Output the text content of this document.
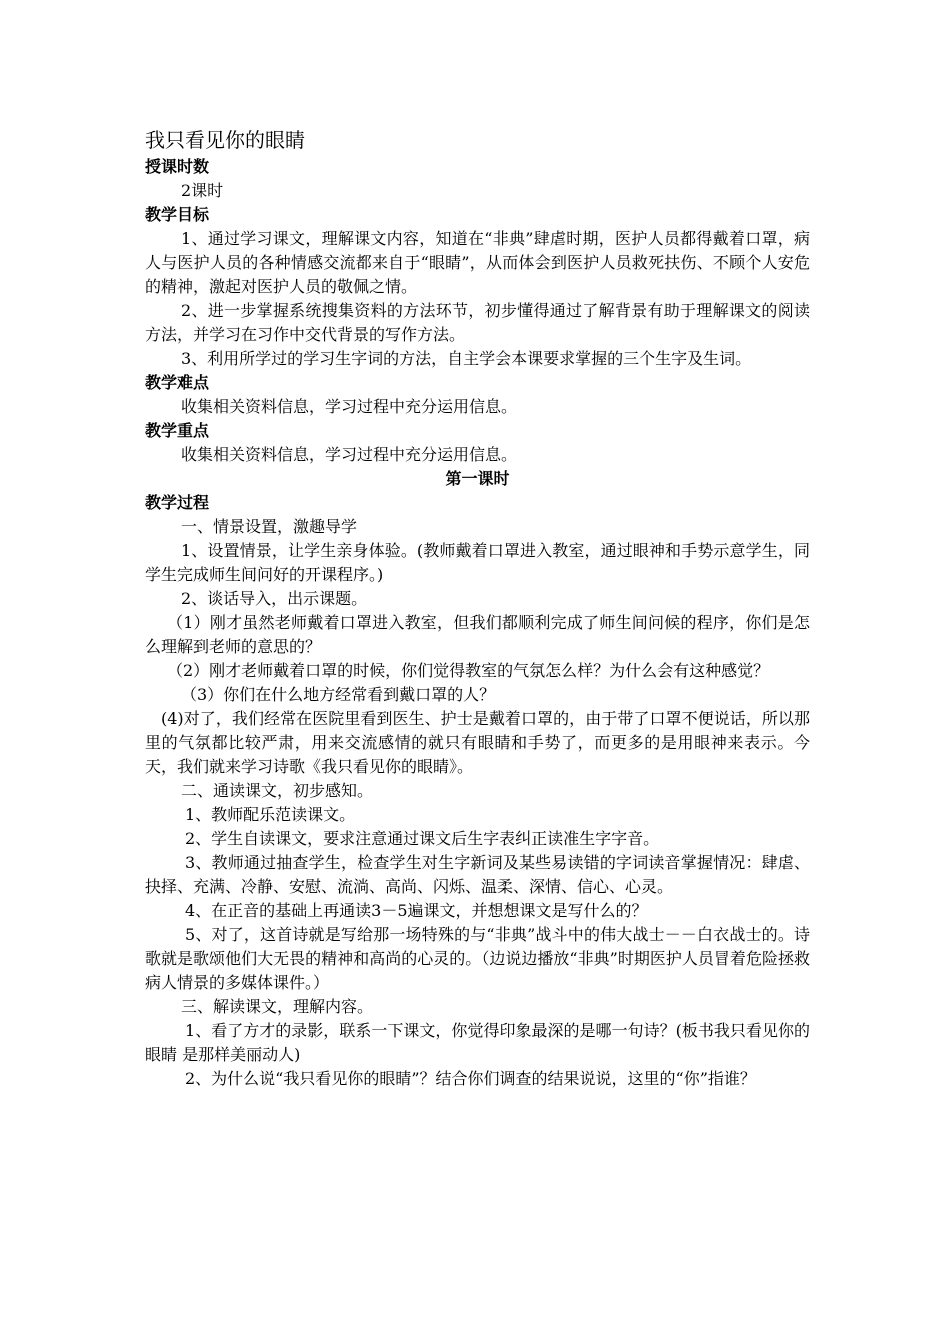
我只看见你的眼睛
授课时数

2课时

教学目标

1、通过学习课文，理解课文内容，知道在“非典”肆虐时期，医护人员都得戴着口罩，病人与医护人员的各种情感交流都来自于“眼睛”，从而体会到医护人员救死扶伤、不顾个人安危的精神，激起对医护人员的敬佩之情。

2、进一步掌握系统搜集资料的方法环节，初步懂得通过了解背景有助于理解课文的阅读方法，并学习在习作中交代背景的写作方法。

3、利用所学过的学习生字词的方法，自主学会本课要求掌握的三个生字及生词。

教学难点

收集相关资料信息，学习过程中充分运用信息。

教学重点

收集相关资料信息，学习过程中充分运用信息。

第一课时
教学过程

一、情景设置，激趣导学

1、设置情景，让学生亲身体验。(教师戴着口罩进入教室，通过眼神和手势示意学生，同学生完成师生间问好的开课程序。)

2、谈话导入，出示课题。

（1）刚才虽然老师戴着口罩进入教室，但我们都顺利完成了师生间问候的程序，你们是怎么理解到老师的意思的？

（2）刚才老师戴着口罩的时候，你们觉得教室的气氛怎么样？为什么会有这种感觉？

（3）你们在什么地方经常看到戴口罩的人？

(4)对了，我们经常在医院里看到医生、护士是戴着口罩的，由于带了口罩不便说话，所以那里的气氛都比较严肃，用来交流感情的就只有眼睛和手势了，而更多的是用眼神来表示。今天，我们就来学习诗歌《我只看见你的眼睛》。

二、通读课文，初步感知。

1、教师配乐范读课文。

2、学生自读课文，要求注意通过课文后生字表纠正读准生字字音。

3、教师通过抽查学生，检查学生对生字新词及某些易读错的字词读音掌握情况：肆虐、抉择、充满、冷静、安慰、流淌、高尚、闪烁、温柔、深情、信心、心灵。

4、在正音的基础上再通读3－5遍课文，并想想课文是写什么的？

5、对了，这首诗就是写给那一场特殊的与“非典”战斗中的伟大战士－－白衣战士的。诗歌就是歌颂他们大无畏的精神和高尚的心灵的。（边说边播放“非典”时期医护人员冒着危险拯救病人情景的多媒体课件。）

三、解读课文，理解内容。

1、看了方才的录影，联系一下课文，你觉得印象最深的是哪一句诗？(板书我只看见你的眼睛 是那样美丽动人)

2、为什么说“我只看见你的眼睛”？结合你们调查的结果说说，这里的“你”指谁？
